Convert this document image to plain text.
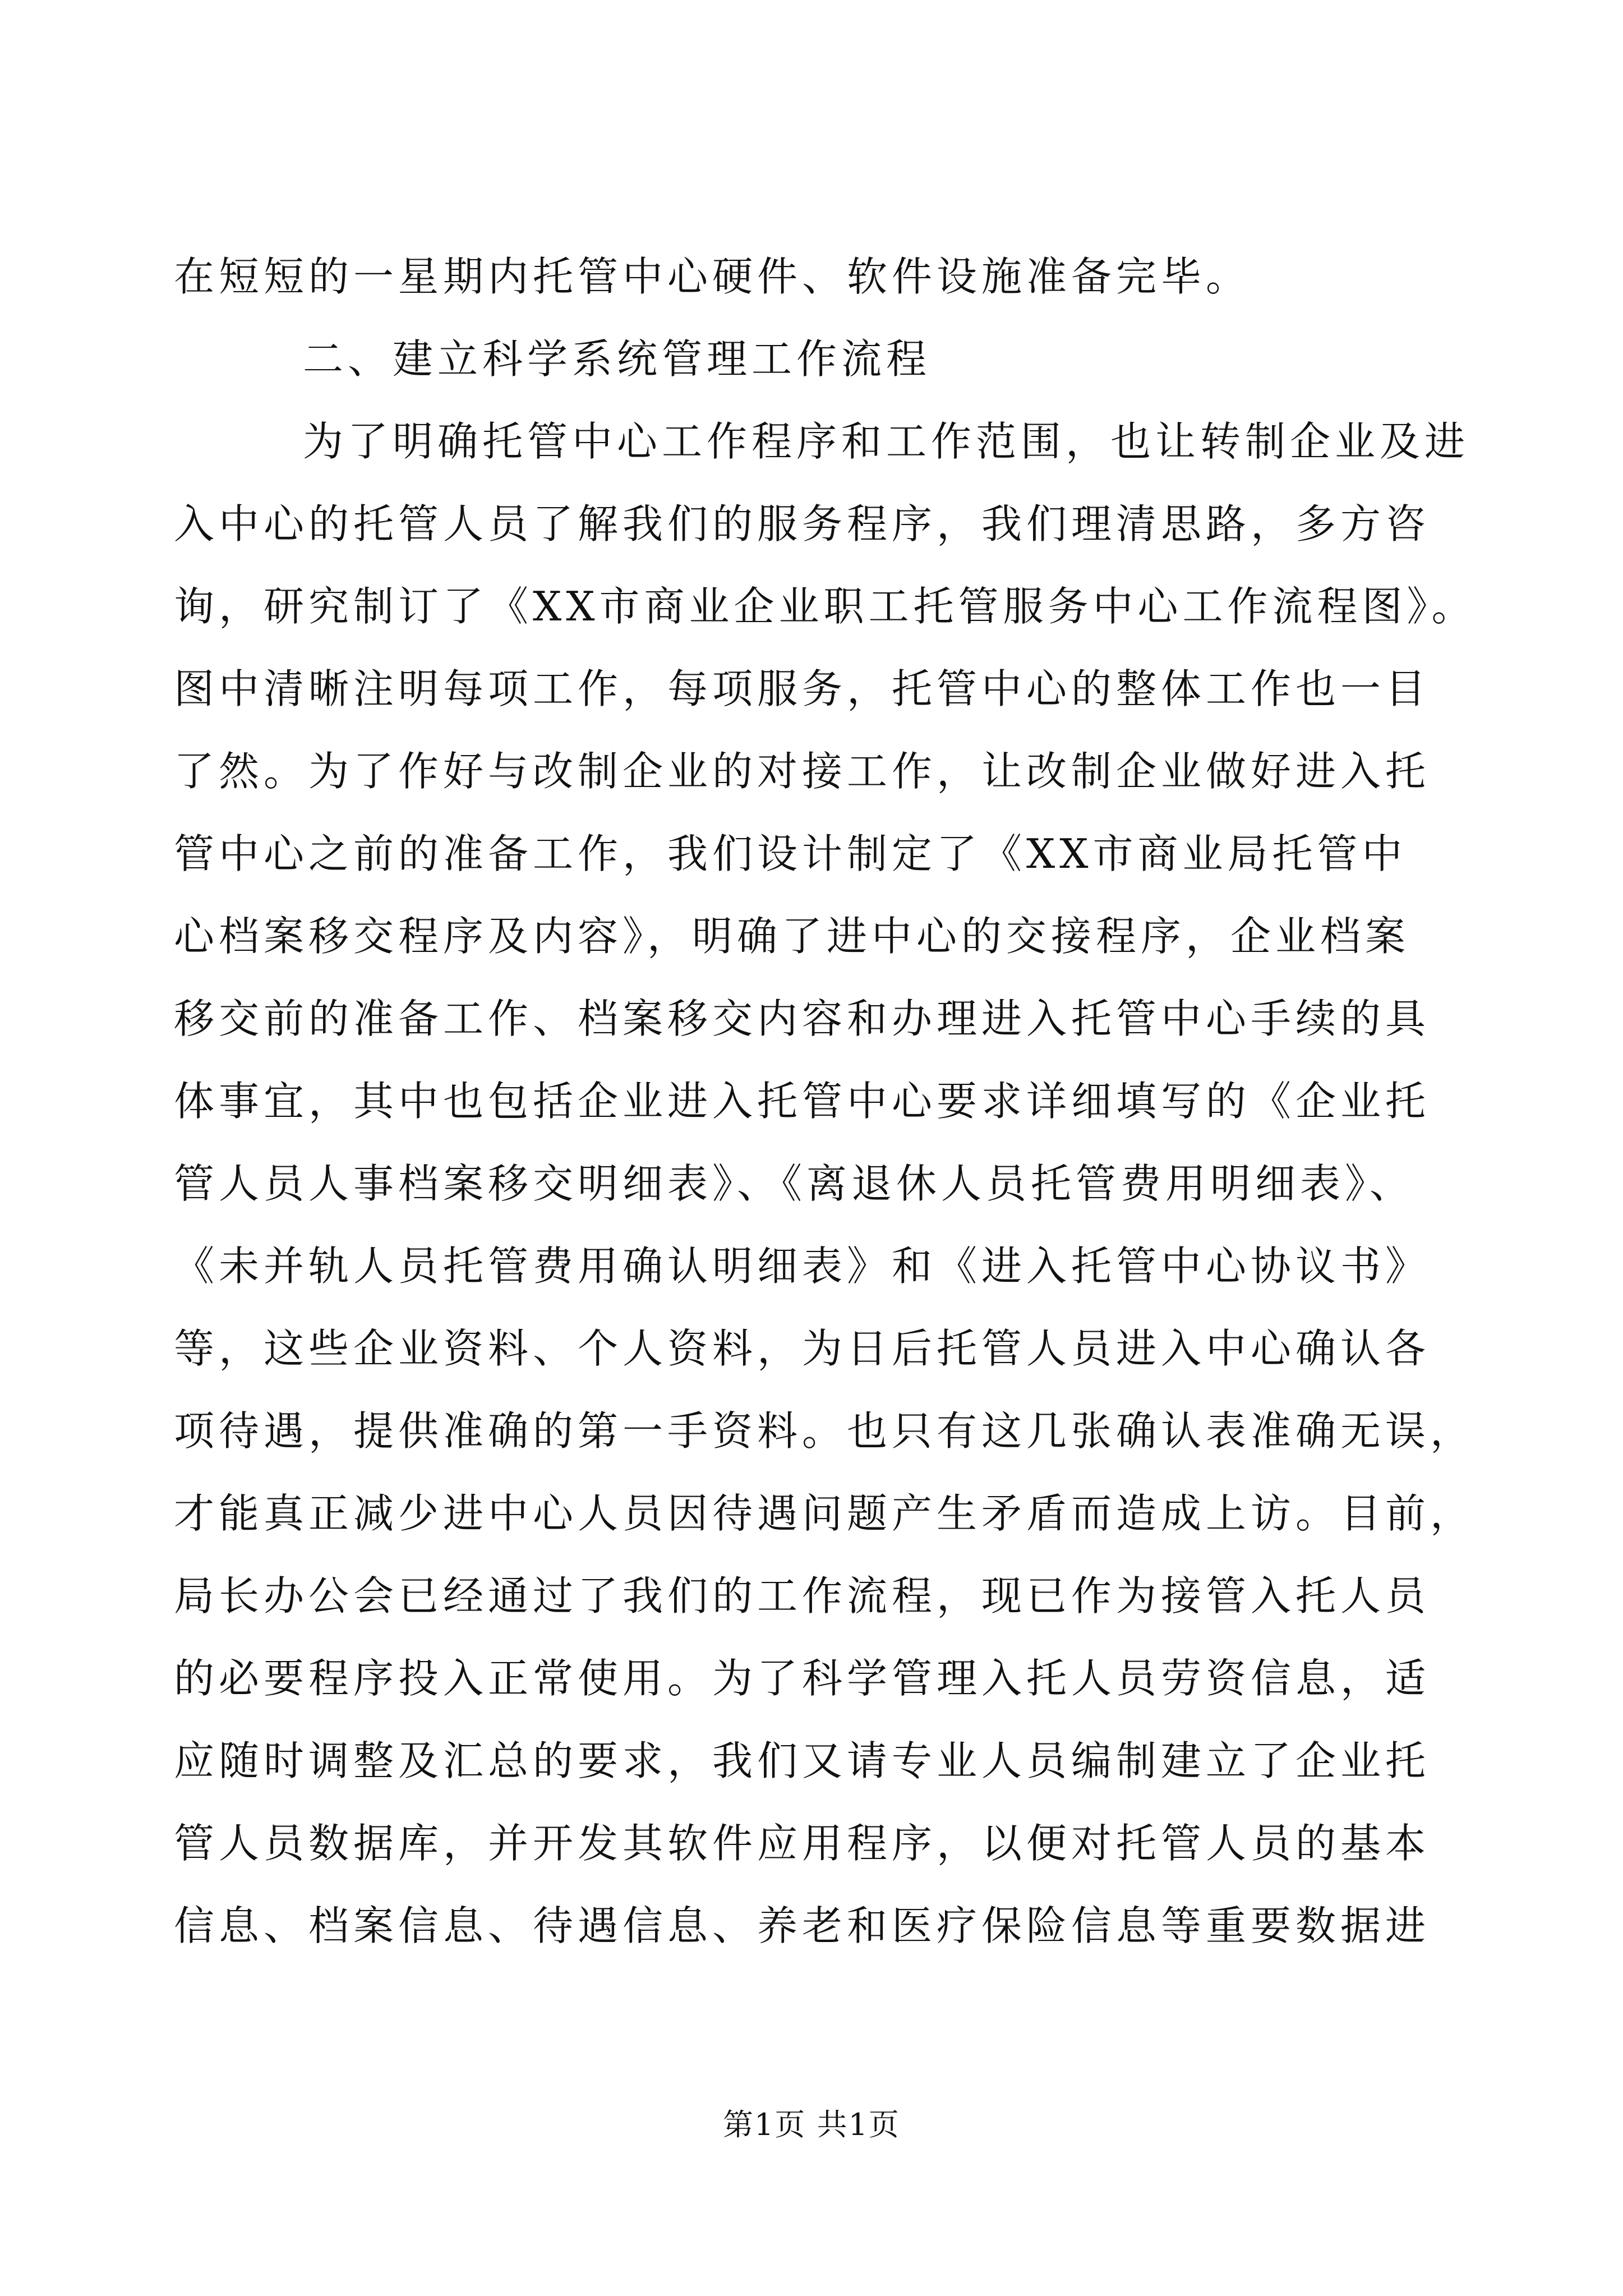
在短短的一星期内托管中心硬件、软件设施准备完毕。
二、建立科学系统管理工作流程
为了明确托管中心工作程序和工作范围，也让转制企业及进
入中心的托管人员了解我们的服务程序，我们理清思路，多方咨
询，研究制订了《XX市商业企业职工托管服务中心工作流程图》。
图中清晰注明每项工作，每项服务，托管中心的整体工作也一目
了然。为了作好与改制企业的对接工作，让改制企业做好进入托
管中心之前的准备工作，我们设计制定了《XX市商业局托管中
心档案移交程序及内容》，明确了进中心的交接程序，企业档案
移交前的准备工作、档案移交内容和办理进入托管中心手续的具
体事宜，其中也包括企业进入托管中心要求详细填写的《企业托
管人员人事档案移交明细表》、《离退休人员托管费用明细表》、
《未并轨人员托管费用确认明细表》和《进入托管中心协议书》
等，这些企业资料、个人资料，为日后托管人员进入中心确认各
项待遇，提供准确的第一手资料。也只有这几张确认表准确无误，
才能真正减少进中心人员因待遇问题产生矛盾而造成上访。目前，
局长办公会已经通过了我们的工作流程，现已作为接管入托人员
的必要程序投入正常使用。为了科学管理入托人员劳资信息，适
应随时调整及汇总的要求，我们又请专业人员编制建立了企业托
管人员数据库，并开发其软件应用程序，以便对托管人员的基本
信息、档案信息、待遇信息、养老和医疗保险信息等重要数据进
第1页 共1页
